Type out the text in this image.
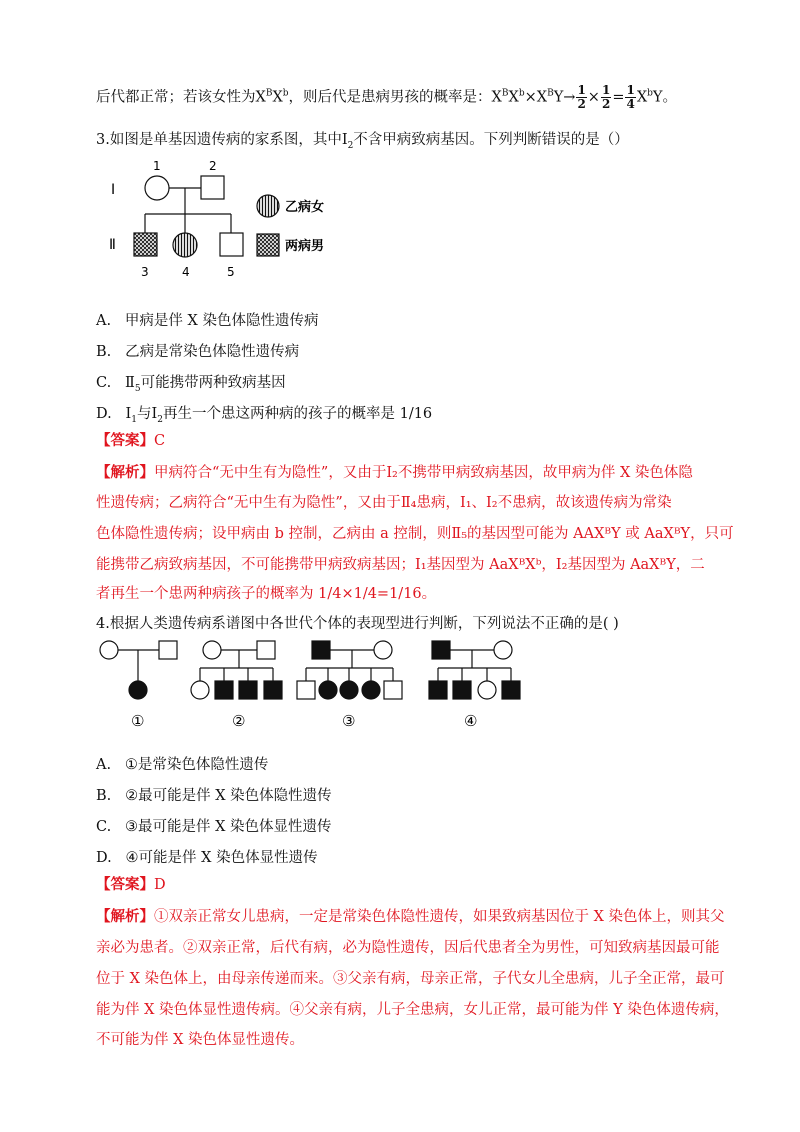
后代都正常；若该女性为$X^BX^b$，则后代是患病男孩的概率是：$X^BX^b\times X^BY\to \frac{1}{2} \times \frac{1}{2} = \frac{1}{4} X^bY$。
3.如图是单基因遗传病的家系图，其中$Ⅰ_2$不含甲病致病基因。下列判断错误的是（）
Ⅰ
Ⅱ
1	2
3	4	5
乙病女
两病男
A. 甲病是伴 X 染色体隐性遗传病
B. 乙病是常染色体隐性遗传病
C. $Ⅱ_5$可能携带两种致病基因
D. $Ⅰ_1$与$Ⅰ_2$再生一个患这两种病的孩子的概率是 1/16
【答案】C
【解析】甲病符合“无中生有为隐性”，又由于Ⅰ₂不携带甲病致病基因，故甲病为伴 X 染色体隐
性遗传病；乙病符合“无中生有为隐性”，又由于Ⅱ₄患病，Ⅰ₁、Ⅰ₂不患病，故该遗传病为常染
色体隐性遗传病；设甲病由 b 控制，乙病由 a 控制，则Ⅱ₅的基因型可能为 AAXᴮY 或 AaXᴮY，只可
能携带乙病致病基因，不可能携带甲病致病基因；Ⅰ₁基因型为 AaXᴮXᵇ，Ⅰ₂基因型为 AaXᴮY，二
者再生一个患两种病孩子的概率为 1/4×1/4=1/16。
4.根据人类遗传病系谱图中各世代个体的表现型进行判断，下列说法不正确的是( )
①	②	③	④
A. ①是常染色体隐性遗传
B. ②最可能是伴 X 染色体隐性遗传
C. ③最可能是伴 X 染色体显性遗传
D. ④可能是伴 X 染色体显性遗传
【答案】D
【解析】①双亲正常女儿患病，一定是常染色体隐性遗传，如果致病基因位于 X 染色体上，则其父
亲必为患者。②双亲正常，后代有病，必为隐性遗传，因后代患者全为男性，可知致病基因最可能
位于 X 染色体上，由母亲传递而来。③父亲有病，母亲正常，子代女儿全患病，儿子全正常，最可
能为伴 X 染色体显性遗传病。④父亲有病，儿子全患病，女儿正常，最可能为伴 Y 染色体遗传病，
不可能为伴 X 染色体显性遗传。
